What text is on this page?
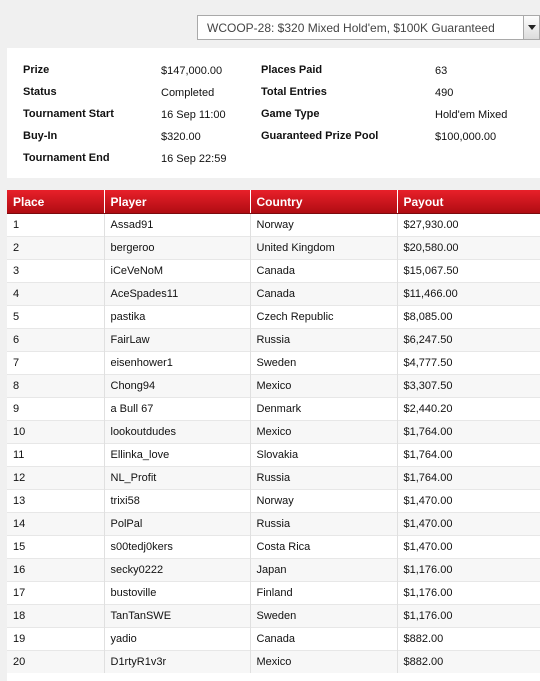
WCOOP-28: $320 Mixed Hold'em, $100K Guaranteed
Prize	$147,000.00
Status	Completed
Tournament Start	16 Sep 11:00
Buy-In	$320.00
Tournament End	16 Sep 22:59
Places Paid	63
Total Entries	490
Game Type	Hold'em Mixed
Guaranteed Prize Pool	$100,000.00
Place	Player	Country	Payout
1	Assad91	Norway	$27,930.00
2	bergeroo	United Kingdom	$20,580.00
3	iCeVeNoM	Canada	$15,067.50
4	AceSpades11	Canada	$11,466.00
5	pastika	Czech Republic	$8,085.00
6	FairLaw	Russia	$6,247.50
7	eisenhower1	Sweden	$4,777.50
8	Chong94	Mexico	$3,307.50
9	a Bull 67	Denmark	$2,440.20
10	lookoutdudes	Mexico	$1,764.00
11	Ellinka_love	Slovakia	$1,764.00
12	NL_Profit	Russia	$1,764.00
13	trixi58	Norway	$1,470.00
14	PolPal	Russia	$1,470.00
15	s00tedj0kers	Costa Rica	$1,470.00
16	secky0222	Japan	$1,176.00
17	bustoville	Finland	$1,176.00
18	TanTanSWE	Sweden	$1,176.00
19	yadio	Canada	$882.00
20	D1rtyR1v3r	Mexico	$882.00
